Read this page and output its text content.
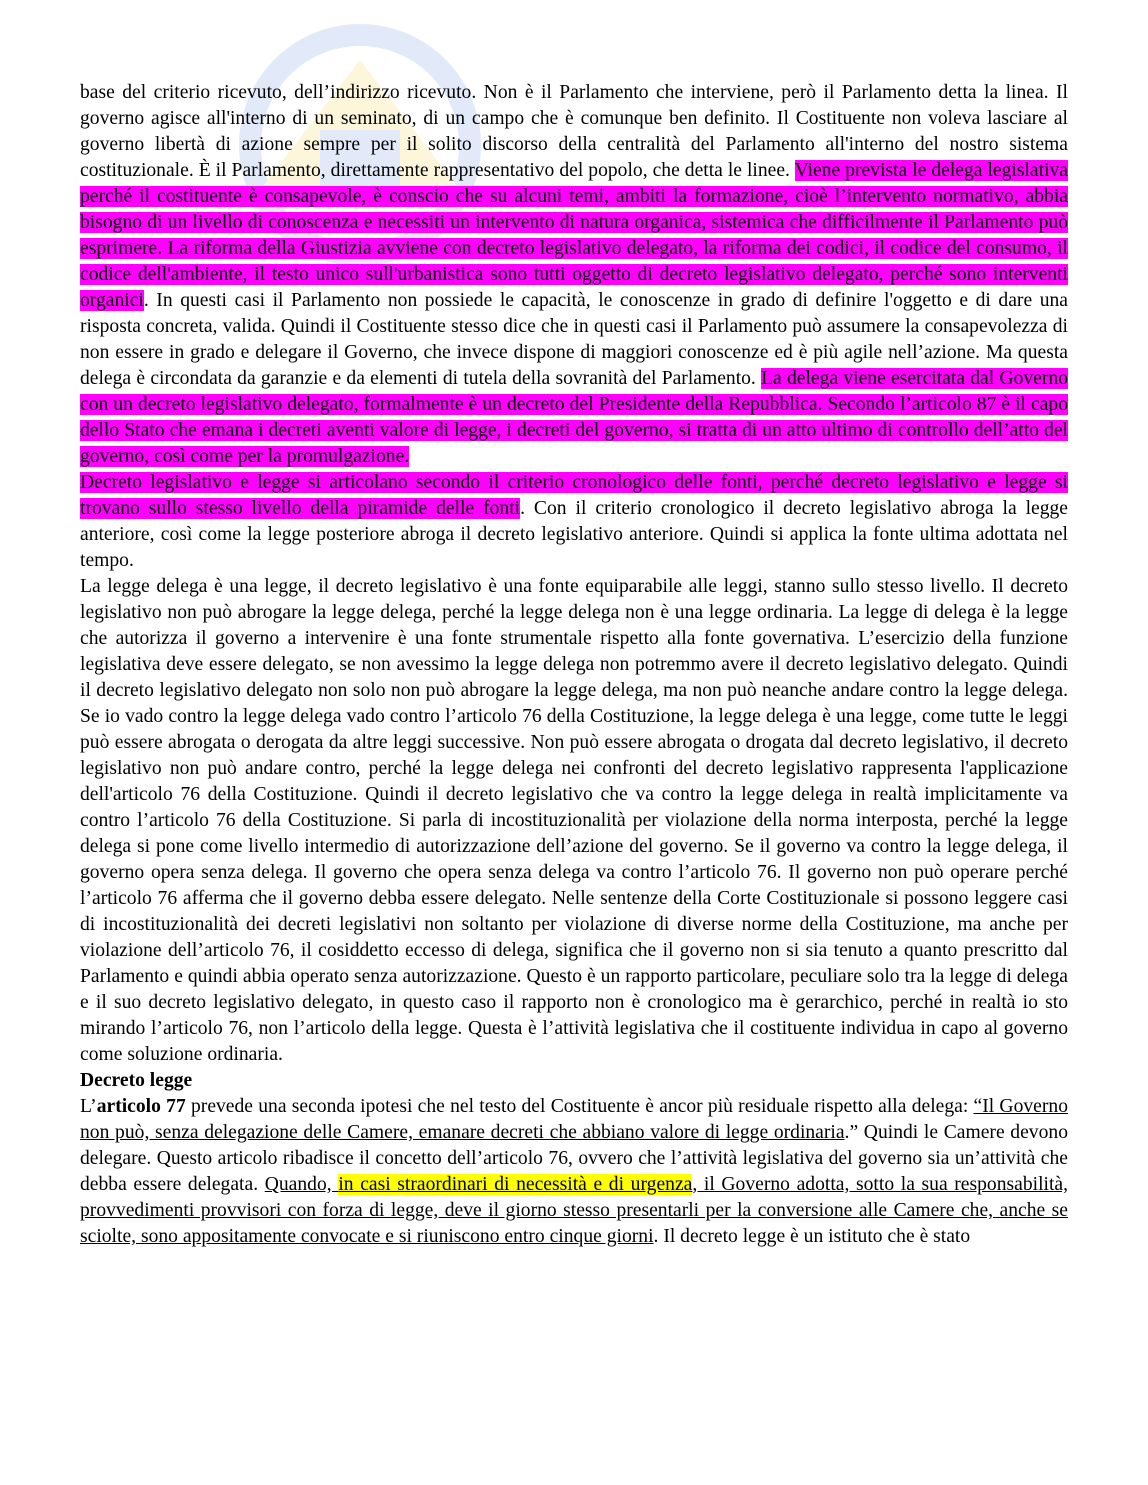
base del criterio ricevuto, dell’indirizzo ricevuto. Non è il Parlamento che interviene, però il Parlamento detta la linea. Il governo agisce all'interno di un seminato, di un campo che è comunque ben definito. Il Costituente non voleva lasciare al governo libertà di azione sempre per il solito discorso della centralità del Parlamento all'interno del nostro sistema costituzionale. È il Parlamento, direttamente rappresentativo del popolo, che detta le linee. Viene prevista le delega legislativa perché il costituente è consapevole, è conscio che su alcuni temi, ambiti la formazione, cioè l’intervento normativo, abbia bisogno di un livello di conoscenza e necessiti un intervento di natura organica, sistemica che difficilmente il Parlamento può esprimere. La riforma della Giustizia avviene con decreto legislativo delegato, la riforma dei codici, il codice del consumo, il codice dell'ambiente, il testo unico sull'urbanistica sono tutti oggetto di decreto legislativo delegato, perché sono interventi organici. In questi casi il Parlamento non possiede le capacità, le conoscenze in grado di definire l'oggetto e di dare una risposta concreta, valida. Quindi il Costituente stesso dice che in questi casi il Parlamento può assumere la consapevolezza di non essere in grado e delegare il Governo, che invece dispone di maggiori conoscenze ed è più agile nell’azione. Ma questa delega è circondata da garanzie e da elementi di tutela della sovranità del Parlamento. La delega viene esercitata dal Governo con un decreto legislativo delegato, formalmente è un decreto del Presidente della Repubblica. Secondo l’articolo 87 è il capo dello Stato che emana i decreti aventi valore di legge, i decreti del governo, si tratta di un atto ultimo di controllo dell’atto del governo, così come per la promulgazione.

Decreto legislativo e legge si articolano secondo il criterio cronologico delle fonti, perché decreto legislativo e legge si trovano sullo stesso livello della piramide delle fonti. Con il criterio cronologico il decreto legislativo abroga la legge anteriore, così come la legge posteriore abroga il decreto legislativo anteriore. Quindi si applica la fonte ultima adottata nel tempo.

La legge delega è una legge, il decreto legislativo è una fonte equiparabile alle leggi, stanno sullo stesso livello. Il decreto legislativo non può abrogare la legge delega, perché la legge delega non è una legge ordinaria. La legge di delega è la legge che autorizza il governo a intervenire è una fonte strumentale rispetto alla fonte governativa. L’esercizio della funzione legislativa deve essere delegato, se non avessimo la legge delega non potremmo avere il decreto legislativo delegato. Quindi il decreto legislativo delegato non solo non può abrogare la legge delega, ma non può neanche andare contro la legge delega. Se io vado contro la legge delega vado contro l’articolo 76 della Costituzione, la legge delega è una legge, come tutte le leggi può essere abrogata o derogata da altre leggi successive. Non può essere abrogata o drogata dal decreto legislativo, il decreto legislativo non può andare contro, perché la legge delega nei confronti del decreto legislativo rappresenta l'applicazione dell'articolo 76 della Costituzione. Quindi il decreto legislativo che va contro la legge delega in realtà implicitamente va contro l’articolo 76 della Costituzione. Si parla di incostituzionalità per violazione della norma interposta, perché la legge delega si pone come livello intermedio di autorizzazione dell’azione del governo. Se il governo va contro la legge delega, il governo opera senza delega. Il governo che opera senza delega va contro l’articolo 76. Il governo non può operare perché l’articolo 76 afferma che il governo debba essere delegato. Nelle sentenze della Corte Costituzionale si possono leggere casi di incostituzionalità dei decreti legislativi non soltanto per violazione di diverse norme della Costituzione, ma anche per violazione dell’articolo 76, il cosiddetto eccesso di delega, significa che il governo non si sia tenuto a quanto prescritto dal Parlamento e quindi abbia operato senza autorizzazione. Questo è un rapporto particolare, peculiare solo tra la legge di delega e il suo decreto legislativo delegato, in questo caso il rapporto non è cronologico ma è gerarchico, perché in realtà io sto mirando l’articolo 76, non l’articolo della legge. Questa è l’attività legislativa che il costituente individua in capo al governo come soluzione ordinaria.

Decreto legge

L’articolo 77 prevede una seconda ipotesi che nel testo del Costituente è ancor più residuale rispetto alla delega: “Il Governo non può, senza delegazione delle Camere, emanare decreti che abbiano valore di legge ordinaria.” Quindi le Camere devono delegare. Questo articolo ribadisce il concetto dell’articolo 76, ovvero che l’attività legislativa del governo sia un’attività che debba essere delegata. Quando, in casi straordinari di necessità e di urgenza, il Governo adotta, sotto la sua responsabilità, provvedimenti provvisori con forza di legge, deve il giorno stesso presentarli per la conversione alle Camere che, anche se sciolte, sono appositamente convocate e si riuniscono entro cinque giorni. Il decreto legge è un istituto che è stato
